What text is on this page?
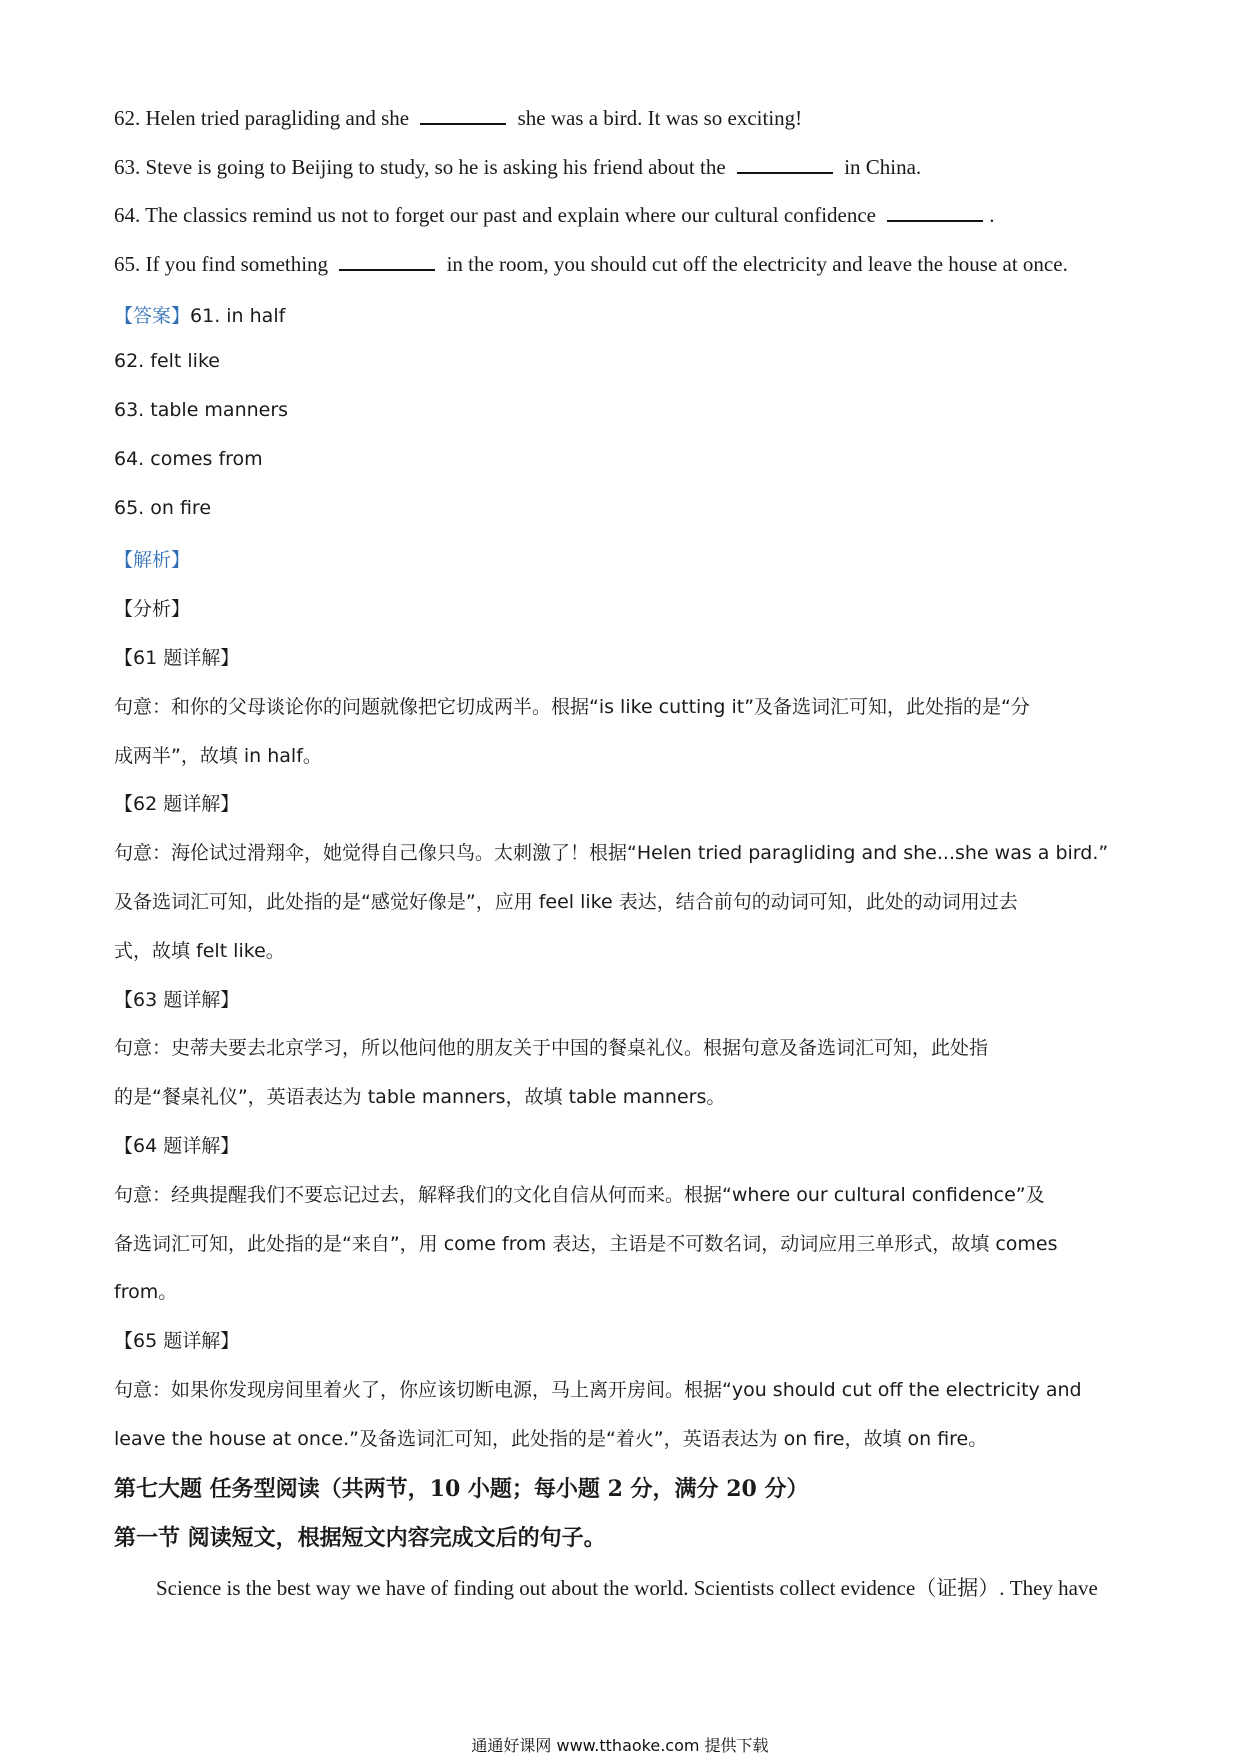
62. Helen tried paragliding and she	she was a bird. It was so exciting!
63. Steve is going to Beijing to study, so he is asking his friend about the	in China.
64. The classics remind us not to forget our past and explain where our cultural confidence	.
65. If you find something	in the room, you should cut off the electricity and leave the house at once.
【答案】61. in half
62. felt like
63. table manners
64. comes from
65. on fire
【解析】
【分析】
【61 题详解】
句意：和你的父母谈论你的问题就像把它切成两半。根据“is like cutting it”及备选词汇可知，此处指的是“分
成两半”，故填 in half。
【62 题详解】
句意：海伦试过滑翔伞，她觉得自己像只鸟。太刺激了！根据“Helen tried paragliding and she...she was a bird.”
及备选词汇可知，此处指的是“感觉好像是”，应用 feel like 表达，结合前句的动词可知，此处的动词用过去
式，故填 felt like。
【63 题详解】
句意：史蒂夫要去北京学习，所以他问他的朋友关于中国的餐桌礼仪。根据句意及备选词汇可知，此处指
的是“餐桌礼仪”，英语表达为 table manners，故填 table manners。
【64 题详解】
句意：经典提醒我们不要忘记过去，解释我们的文化自信从何而来。根据“where our cultural confidence”及
备选词汇可知，此处指的是“来自”，用 come from 表达，主语是不可数名词，动词应用三单形式，故填 comes
from。
【65 题详解】
句意：如果你发现房间里着火了，你应该切断电源，马上离开房间。根据“you should cut off the electricity and
leave the house at once.”及备选词汇可知，此处指的是“着火”，英语表达为 on fire，故填 on fire。
第七大题 任务型阅读（共两节，10 小题；每小题 2 分，满分 20 分）
第一节 阅读短文，根据短文内容完成文后的句子。
Science is the best way we have of finding out about the world. Scientists collect evidence（证据）. They have
通通好课网 www.tthaoke.com 提供下载
